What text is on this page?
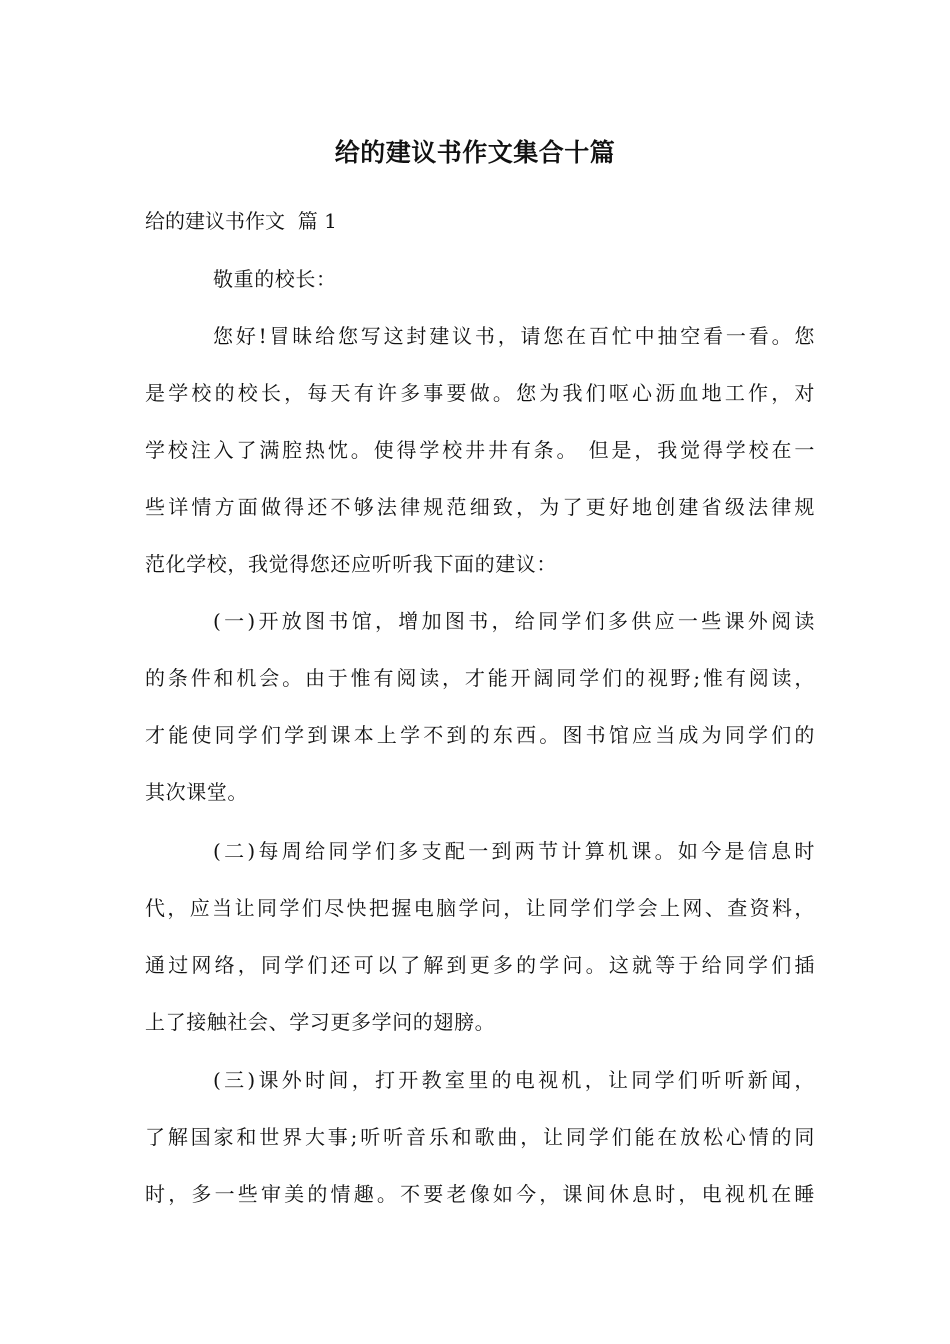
给的建议书作文集合十篇
给的建议书作文  篇 1
敬重的校长：
您好!冒昧给您写这封建议书，请您在百忙中抽空看一看。您
是学校的校长，每天有许多事要做。您为我们呕心沥血地工作，对
学校注入了满腔热忱。使得学校井井有条。 但是，我觉得学校在一
些详情方面做得还不够法律规范细致，为了更好地创建省级法律规
范化学校，我觉得您还应听听我下面的建议：
(一)开放图书馆，增加图书，给同学们多供应一些课外阅读
的条件和机会。由于惟有阅读，才能开阔同学们的视野;惟有阅读，
才能使同学们学到课本上学不到的东西。图书馆应当成为同学们的
其次课堂。
(二)每周给同学们多支配一到两节计算机课。如今是信息时
代，应当让同学们尽快把握电脑学问，让同学们学会上网、查资料，
通过网络，同学们还可以了解到更多的学问。这就等于给同学们插
上了接触社会、学习更多学问的翅膀。
(三)课外时间，打开教室里的电视机，让同学们听听新闻，
了解国家和世界大事;听听音乐和歌曲，让同学们能在放松心情的同
时，多一些审美的情趣。不要老像如今，课间休息时，电视机在睡
